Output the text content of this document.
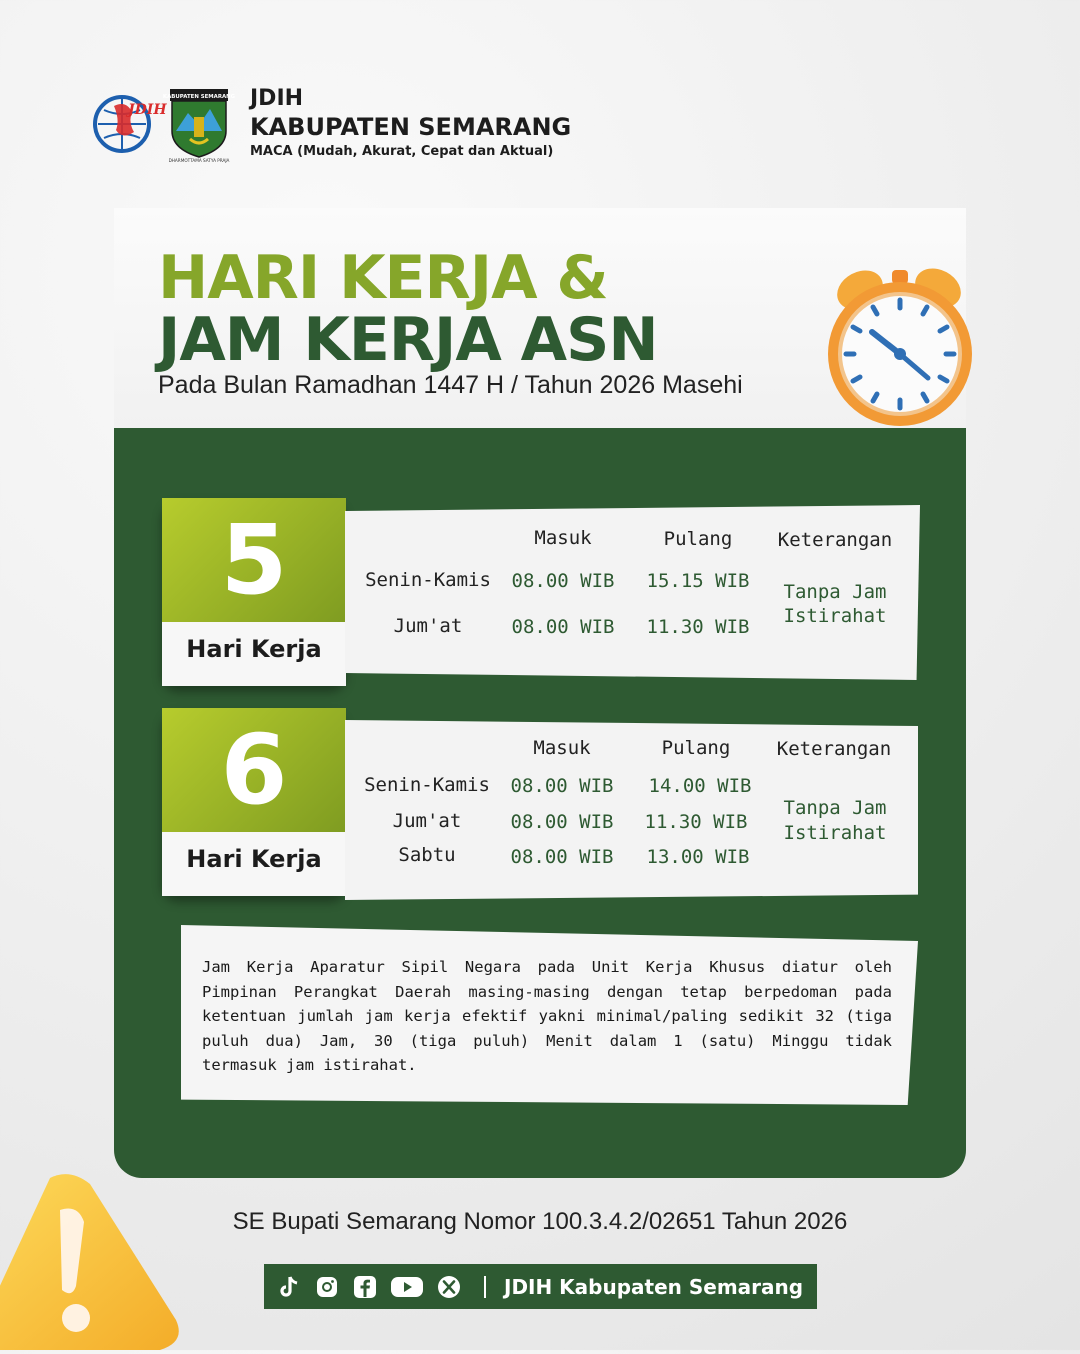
JDIH
KABUPATEN SEMARANG
DHARMOTTAMA SATYA PRAJA
JDIH
KABUPATEN SEMARANG
MACA (Mudah, Akurat, Cepat dan Aktual)
HARI KERJA &
JAM KERJA ASN
Pada Bulan Ramadhan 1447 H / Tahun 2026 Masehi
5
Hari Kerja
Masuk	Pulang	Keterangan
Senin-Kamis 08.00 WIB 15.15 WIB
Jum'at	08.00 WIB 11.30 WIB
Tanpa Jam
Istirahat
6
Hari Kerja
Masuk	Pulang	Keterangan
Senin-Kamis 08.00 WIB 14.00 WIB
Jum'at	08.00 WIB 11.30 WIB
Sabtu	08.00 WIB 13.00 WIB
Tanpa Jam
Istirahat
Jam Kerja Aparatur Sipil Negara pada Unit Kerja Khusus diatur oleh Pimpinan Perangkat Daerah masing-masing dengan tetap berpedoman pada ketentuan jumlah jam kerja efektif yakni minimal/paling sedikit 32 (tiga puluh dua) Jam, 30 (tiga puluh) Menit dalam 1 (satu) Minggu tidak termasuk jam istirahat.
SE Bupati Semarang Nomor 100.3.4.2/02651 Tahun 2026
JDIH Kabupaten Semarang
